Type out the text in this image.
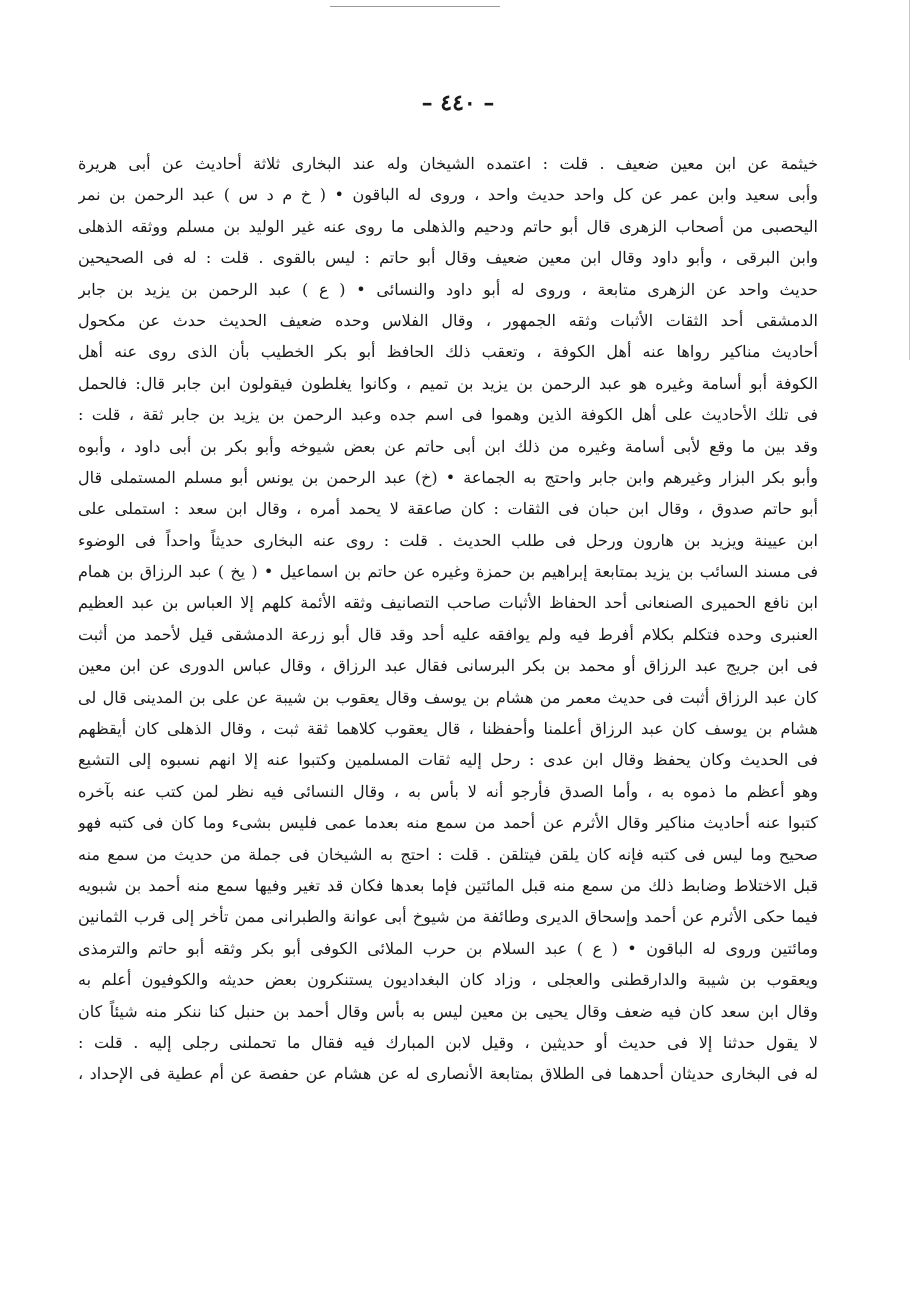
– ٤٤٠ –
خيثمة عن ابن معين ضعيف . قلت : اعتمده الشيخان وله عند البخارى ثلاثة أحاديث عن أبى هريرة
وأبى سعيد وابن عمر عن كل واحد حديث واحد ، وروى له الباقون • ( خ م د س ) عبد الرحمن بن نمر
اليحصبى من أصحاب الزهرى قال أبو حاتم ودحيم والذهلى ما روى عنه غير الوليد بن مسلم ووثقه الذهلى
وابن البرقى ، وأبو داود وقال ابن معين ضعيف وقال أبو حاتم : ليس بالقوى . قلت : له فى الصحيحين
حديث واحد عن الزهرى متابعة ، وروى له أبو داود والنسائى • ( ع ) عبد الرحمن بن يزيد بن جابر
الدمشقى أحد الثقات الأثبات وثقه الجمهور ، وقال الفلاس وحده ضعيف الحديث حدث عن مكحول
أحاديث مناكير رواها عنه أهل الكوفة ، وتعقب ذلك الحافظ أبو بكر الخطيب بأن الذى روى عنه أهل
الكوفة أبو أسامة وغيره هو عبد الرحمن بن يزيد بن تميم ، وكانوا يغلطون فيقولون ابن جابر قال: فالحمل
فى تلك الأحاديث على أهل الكوفة الذين وهموا فى اسم جده وعبد الرحمن بن يزيد بن جابر ثقة ، قلت :
وقد بين ما وقع لأبى أسامة وغيره من ذلك ابن أبى حاتم عن بعض شيوخه وأبو بكر بن أبى داود ، وأبوه
وأبو بكر البزار وغيرهم وابن جابر واحتج به الجماعة • (خ) عبد الرحمن بن يونس أبو مسلم المستملى قال
أبو حاتم صدوق ، وقال ابن حبان فى الثقات : كان صاعقة لا يحمد أمره ، وقال ابن سعد : استملى على
ابن عيينة ويزيد بن هارون ورحل فى طلب الحديث . قلت : روى عنه البخارى حديثاً واحداً فى الوضوء
فى مسند السائب بن يزيد بمتابعة إبراهيم بن حمزة وغيره عن حاتم بن اسماعيل • ( يخ ) عبد الرزاق بن همام
ابن نافع الحميرى الصنعانى أحد الحفاظ الأثبات صاحب التصانيف وثقه الأئمة كلهم إلا العباس بن عبد العظيم
العنبرى وحده فتكلم بكلام أفرط فيه ولم يوافقه عليه أحد وقد قال أبو زرعة الدمشقى قيل لأحمد من أثبت
فى ابن جريج عبد الرزاق أو محمد بن بكر البرسانى فقال عبد الرزاق ، وقال عباس الدورى عن ابن معين
كان عبد الرزاق أثبت فى حديث معمر من هشام بن يوسف وقال يعقوب بن شيبة عن على بن المدينى قال لى
هشام بن يوسف كان عبد الرزاق أعلمنا وأحفظنا ، قال يعقوب كلاهما ثقة ثبت ، وقال الذهلى كان أيقظهم
فى الحديث وكان يحفظ وقال ابن عدى : رحل إليه ثقات المسلمين وكتبوا عنه إلا انهم نسبوه إلى التشيع
وهو أعظم ما ذموه به ، وأما الصدق فأرجو أنه لا بأس به ، وقال النسائى فيه نظر لمن كتب عنه بآخره
كتبوا عنه أحاديث مناكير وقال الأثرم عن أحمد من سمع منه بعدما عمى فليس بشىء وما كان فى كتبه فهو
صحيح وما ليس فى كتبه فإنه كان يلقن فيتلقن . قلت : احتج به الشيخان فى جملة من حديث من سمع منه
قبل الاختلاط وضابط ذلك من سمع منه قبل المائتين فإما بعدها فكان قد تغير وفيها سمع منه أحمد بن شبويه
فيما حكى الأثرم عن أحمد وإسحاق الديرى وطائفة من شيوخ أبى عوانة والطبرانى ممن تأخر إلى قرب الثمانين
ومائتين وروى له الباقون • ( ع ) عبد السلام بن حرب الملائى الكوفى أبو بكر وثقه أبو حاتم والترمذى
ويعقوب بن شيبة والدارقطنى والعجلى ، وزاد كان البغداديون يستنكرون بعض حديثه والكوفيون أعلم به
وقال ابن سعد كان فيه ضعف وقال يحيى بن معين ليس به بأس وقال أحمد بن حنبل كنا ننكر منه شيئاً كان
لا يقول حدثنا إلا فى حديث أو حديثين ، وقيل لابن المبارك فيه فقال ما تحملنى رجلى إليه . قلت :
له فى البخارى حديثان أحدهما فى الطلاق بمتابعة الأنصارى له عن هشام عن حفصة عن أم عطية فى الإحداد ،
